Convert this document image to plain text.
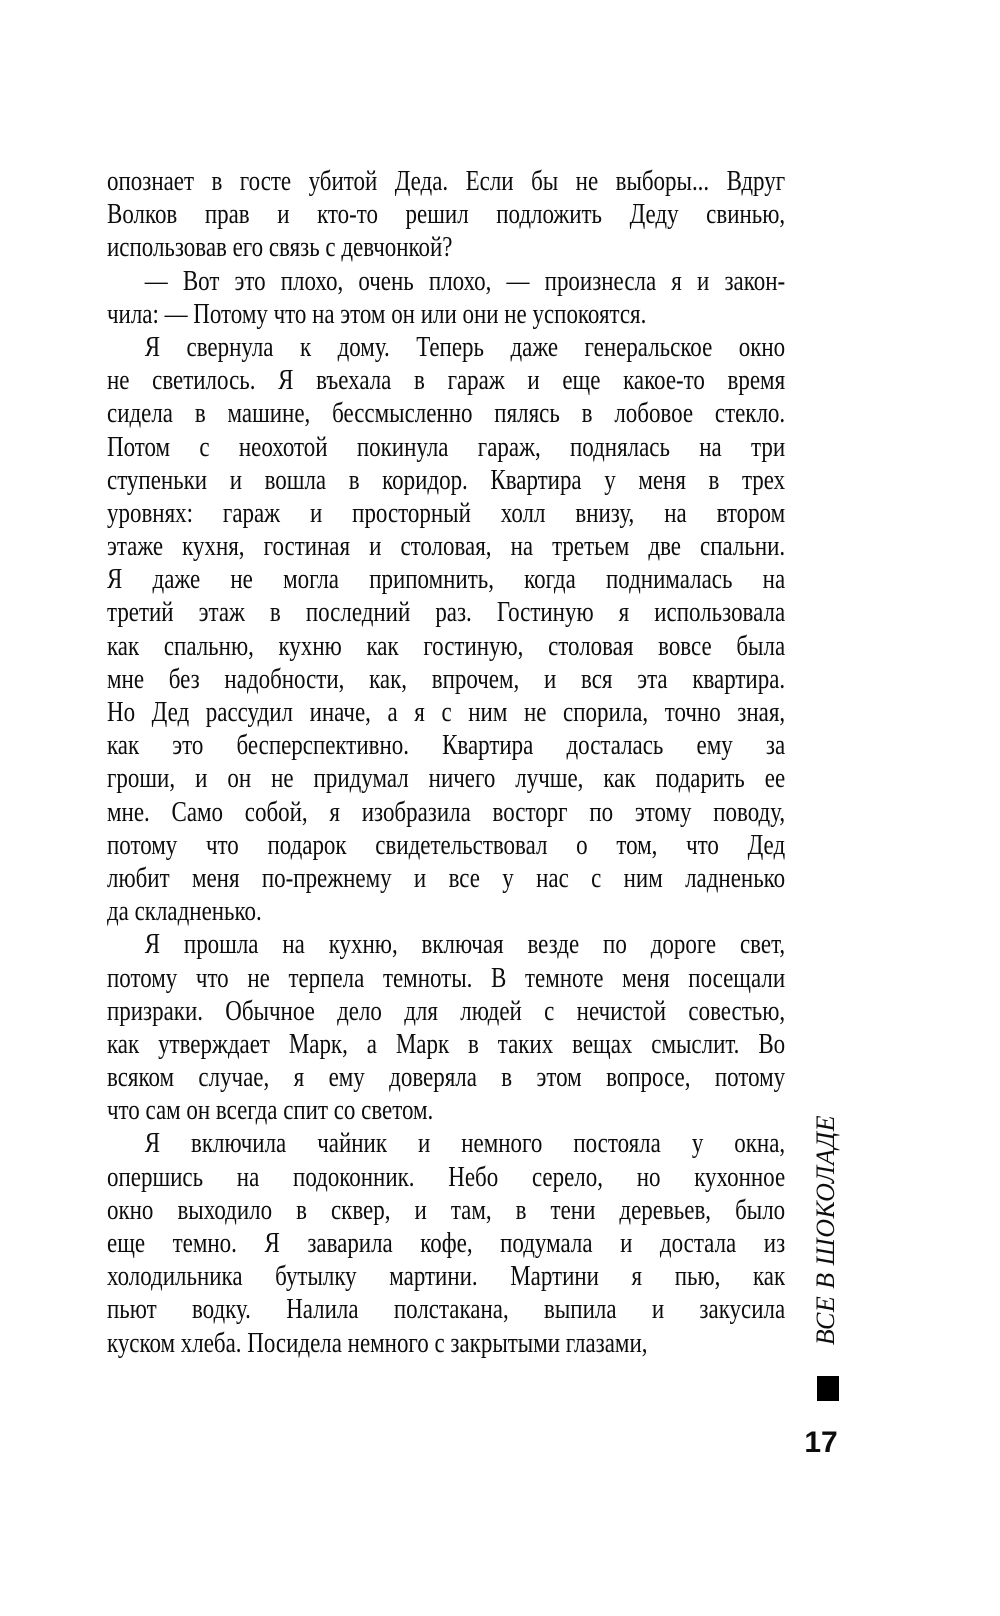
опознает в госте убитой Деда. Если бы не выборы... Вдруг
Волков прав и кто-то решил подложить Деду свинью,
использовав его связь с девчонкой?
— Вот это плохо, очень плохо, — произнесла я и закон-
чила: — Потому что на этом он или они не успокоятся.
Я свернула к дому. Теперь даже генеральское окно
не светилось. Я въехала в гараж и еще какое-то время
сидела в машине, бессмысленно пялясь в лобовое стекло.
Потом с неохотой покинула гараж, поднялась на три
ступеньки и вошла в коридор. Квартира у меня в трех
уровнях: гараж и просторный холл внизу, на втором
этаже кухня, гостиная и столовая, на третьем две спальни.
Я даже не могла припомнить, когда поднималась на
третий этаж в последний раз. Гостиную я использовала
как спальню, кухню как гостиную, столовая вовсе была
мне без надобности, как, впрочем, и вся эта квартира.
Но Дед рассудил иначе, а я с ним не спорила, точно зная,
как это бесперспективно. Квартира досталась ему за
гроши, и он не придумал ничего лучше, как подарить ее
мне. Само собой, я изобразила восторг по этому поводу,
потому что подарок свидетельствовал о том, что Дед
любит меня по-прежнему и все у нас с ним ладненько
да складненько.
Я прошла на кухню, включая везде по дороге свет,
потому что не терпела темноты. В темноте меня посещали
призраки. Обычное дело для людей с нечистой совестью,
как утверждает Марк, а Марк в таких вещах смыслит. Во
всяком случае, я ему доверяла в этом вопросе, потому
что сам он всегда спит со светом.
Я включила чайник и немного постояла у окна,
опершись на подоконник. Небо серело, но кухонное
окно выходило в сквер, и там, в тени деревьев, было
еще темно. Я заварила кофе, подумала и достала из
холодильника бутылку мартини. Мартини я пью, как
пьют водку. Налила полстакана, выпила и закусила
куском хлеба. Посидела немного с закрытыми глазами,	ВСЕ В ШОКОЛАДЕ
17
